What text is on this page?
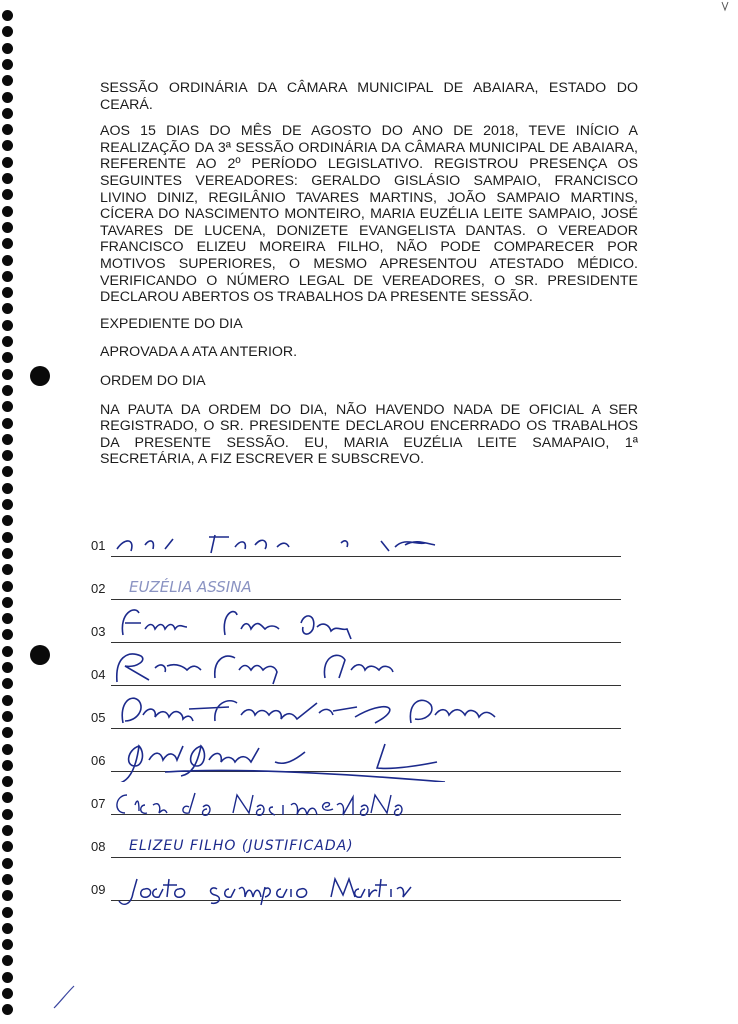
SESSÃO ORDINÁRIA DA CÂMARA MUNICIPAL DE ABAIARA, ESTADO DO CEARÁ.

AOS 15 DIAS DO MÊS DE AGOSTO DO ANO DE 2018, TEVE INÍCIO A REALIZAÇÃO DA 3ª SESSÃO ORDINÁRIA DA CÂMARA MUNICIPAL DE ABAIARA, REFERENTE AO 2º PERÍODO LEGISLATIVO. REGISTROU PRESENÇA OS SEGUINTES VEREADORES: GERALDO GISLÁSIO SAMPAIO, FRANCISCO LIVINO DINIZ, REGILÂNIO TAVARES MARTINS, JOÃO SAMPAIO MARTINS, CÍCERA DO NASCIMENTO MONTEIRO, MARIA EUZÉLIA LEITE SAMPAIO, JOSÉ TAVARES DE LUCENA, DONIZETE EVANGELISTA DANTAS. O VEREADOR FRANCISCO ELIZEU MOREIRA FILHO, NÃO PODE COMPARECER POR MOTIVOS SUPERIORES, O MESMO APRESENTOU ATESTADO MÉDICO. VERIFICANDO O NÚMERO LEGAL DE VEREADORES, O SR. PRESIDENTE DECLAROU ABERTOS OS TRABALHOS DA PRESENTE SESSÃO.

EXPEDIENTE DO DIA

APROVADA A ATA ANTERIOR.

ORDEM DO DIA

NA PAUTA DA ORDEM DO DIA, NÃO HAVENDO NADA DE OFICIAL A SER REGISTRADO, O SR. PRESIDENTE DECLAROU ENCERRADO OS TRABALHOS DA PRESENTE SESSÃO. EU, MARIA EUZÉLIA LEITE SAMAPAIO, 1ª SECRETÁRIA, A FIZ ESCREVER E SUBSCREVO.

01
02 EUZÉLIA ASSINA
03
04
05
06
07
08 ELIZEU FILHO (JUSTIFICADA)
09
